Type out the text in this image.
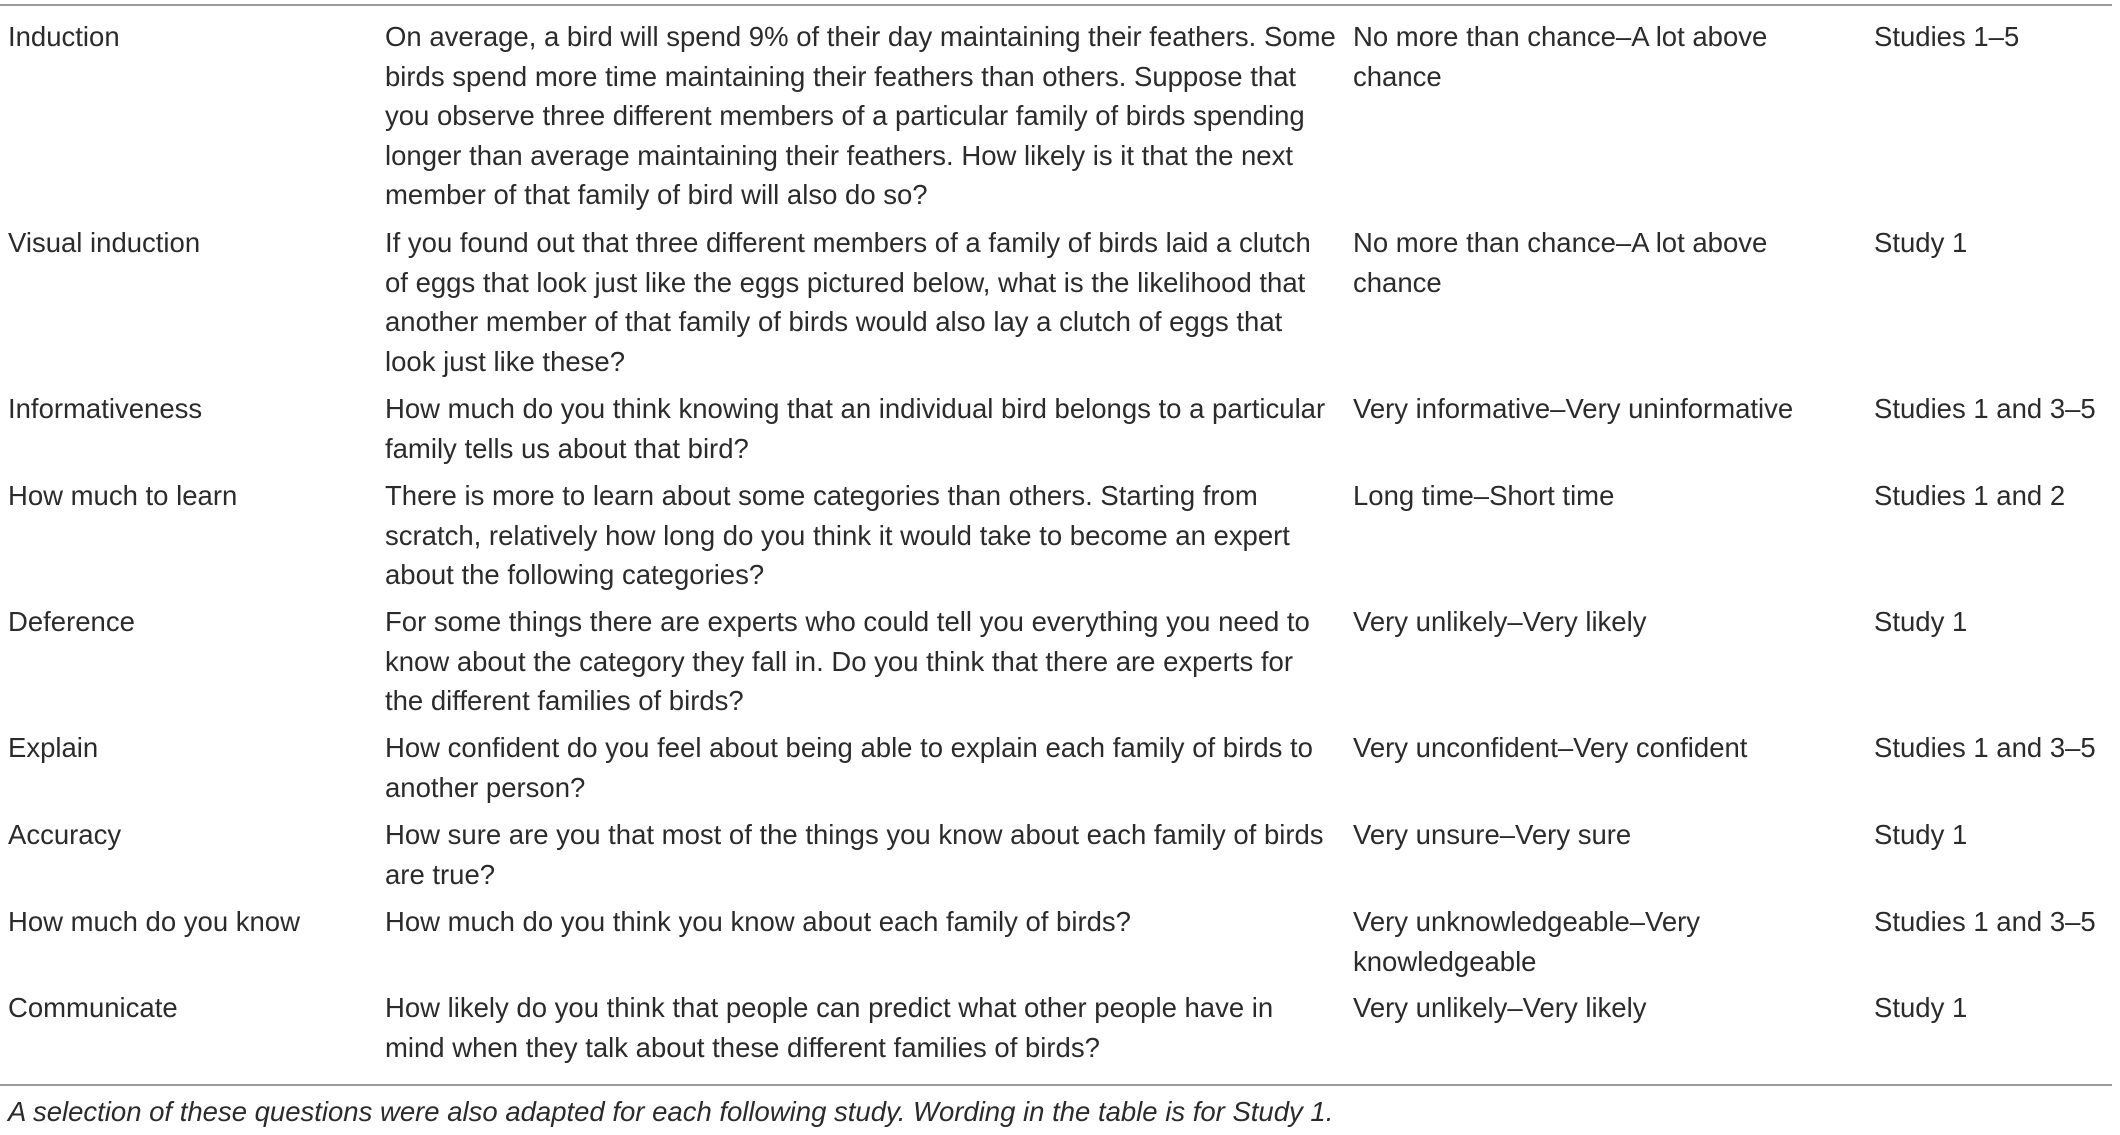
Induction	On average, a bird will spend 9% of their day maintaining their feathers. Some birds spend more time maintaining their feathers than others. Suppose that you observe three different members of a particular family of birds spending longer than average maintaining their feathers. How likely is it that the next member of that family of bird will also do so?	No more than chance–A lot above chance	Studies 1–5
Visual induction	If you found out that three different members of a family of birds laid a clutch of eggs that look just like the eggs pictured below, what is the likelihood that another member of that family of birds would also lay a clutch of eggs that look just like these?	No more than chance–A lot above chance	Study 1
Informativeness	How much do you think knowing that an individual bird belongs to a particular family tells us about that bird?	Very informative–Very uninformative	Studies 1 and 3–5
How much to learn	There is more to learn about some categories than others. Starting from scratch, relatively how long do you think it would take to become an expert about the following categories?	Long time–Short time	Studies 1 and 2
Deference	For some things there are experts who could tell you everything you need to know about the category they fall in. Do you think that there are experts for the different families of birds?	Very unlikely–Very likely	Study 1
Explain	How confident do you feel about being able to explain each family of birds to another person?	Very unconfident–Very confident	Studies 1 and 3–5
Accuracy	How sure are you that most of the things you know about each family of birds are true?	Very unsure–Very sure	Study 1
How much do you know	How much do you think you know about each family of birds?	Very unknowledgeable–Very knowledgeable	Studies 1 and 3–5
Communicate	How likely do you think that people can predict what other people have in mind when they talk about these different families of birds?	Very unlikely–Very likely	Study 1
A selection of these questions were also adapted for each following study. Wording in the table is for Study 1.
